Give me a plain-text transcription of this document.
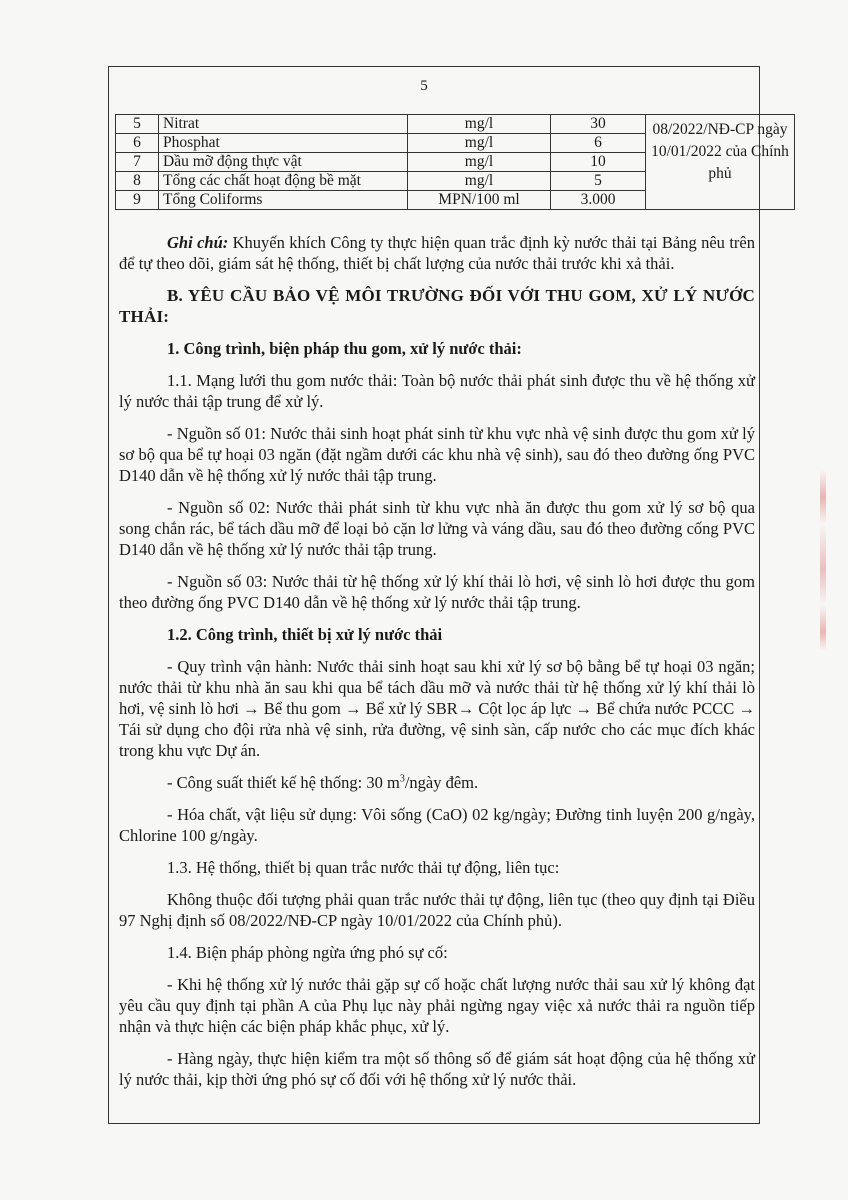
5
5	Nitrat	mg/l	30	08/2022/NĐ-CP ngày 10/01/2022 của Chính phủ
6	Phosphat	mg/l	6	
7	Dầu mỡ động thực vật	mg/l	10	
8	Tổng các chất hoạt động bề mặt	mg/l	5	
9	Tổng Coliforms	MPN/100 ml	3.000	

Ghi chú: Khuyến khích Công ty thực hiện quan trắc định kỳ nước thải tại Bảng nêu trên để tự theo dõi, giám sát hệ thống, thiết bị chất lượng của nước thải trước khi xả thải.

B. YÊU CẦU BẢO VỆ MÔI TRƯỜNG ĐỐI VỚI THU GOM, XỬ LÝ NƯỚC THẢI:

1. Công trình, biện pháp thu gom, xử lý nước thải:

1.1. Mạng lưới thu gom nước thải: Toàn bộ nước thải phát sinh được thu về hệ thống xử lý nước thải tập trung để xử lý.

- Nguồn số 01: Nước thải sinh hoạt phát sinh từ khu vực nhà vệ sinh được thu gom xử lý sơ bộ qua bể tự hoại 03 ngăn (đặt ngầm dưới các khu nhà vệ sinh), sau đó theo đường ống PVC D140 dẫn về hệ thống xử lý nước thải tập trung.

- Nguồn số 02: Nước thải phát sinh từ khu vực nhà ăn được thu gom xử lý sơ bộ qua song chắn rác, bể tách dầu mỡ để loại bỏ cặn lơ lửng và váng dầu, sau đó theo đường cống PVC D140 dẫn về hệ thống xử lý nước thải tập trung.

- Nguồn số 03: Nước thải từ hệ thống xử lý khí thải lò hơi, vệ sinh lò hơi được thu gom theo đường ống PVC D140 dẫn về hệ thống xử lý nước thải tập trung.

1.2. Công trình, thiết bị xử lý nước thải

- Quy trình vận hành: Nước thải sinh hoạt sau khi xử lý sơ bộ bằng bể tự hoại 03 ngăn; nước thải từ khu nhà ăn sau khi qua bể tách dầu mỡ và nước thải từ hệ thống xử lý khí thải lò hơi, vệ sinh lò hơi → Bể thu gom → Bể xử lý SBR→ Cột lọc áp lực → Bể chứa nước PCCC → Tái sử dụng cho đội rửa nhà vệ sinh, rửa đường, vệ sinh sàn, cấp nước cho các mục đích khác trong khu vực Dự án.

- Công suất thiết kế hệ thống: 30 $m^3$/ngày đêm.

- Hóa chất, vật liệu sử dụng: Vôi sống (CaO) 02 kg/ngày; Đường tinh luyện 200 g/ngày, Chlorine 100 g/ngày.

1.3. Hệ thống, thiết bị quan trắc nước thải tự động, liên tục:

Không thuộc đối tượng phải quan trắc nước thải tự động, liên tục (theo quy định tại Điều 97 Nghị định số 08/2022/NĐ-CP ngày 10/01/2022 của Chính phủ).

1.4. Biện pháp phòng ngừa ứng phó sự cố:

- Khi hệ thống xử lý nước thải gặp sự cố hoặc chất lượng nước thải sau xử lý không đạt yêu cầu quy định tại phần A của Phụ lục này phải ngừng ngay việc xả nước thải ra nguồn tiếp nhận và thực hiện các biện pháp khắc phục, xử lý.

- Hàng ngày, thực hiện kiểm tra một số thông số để giám sát hoạt động của hệ thống xử lý nước thải, kịp thời ứng phó sự cố đối với hệ thống xử lý nước thải.
